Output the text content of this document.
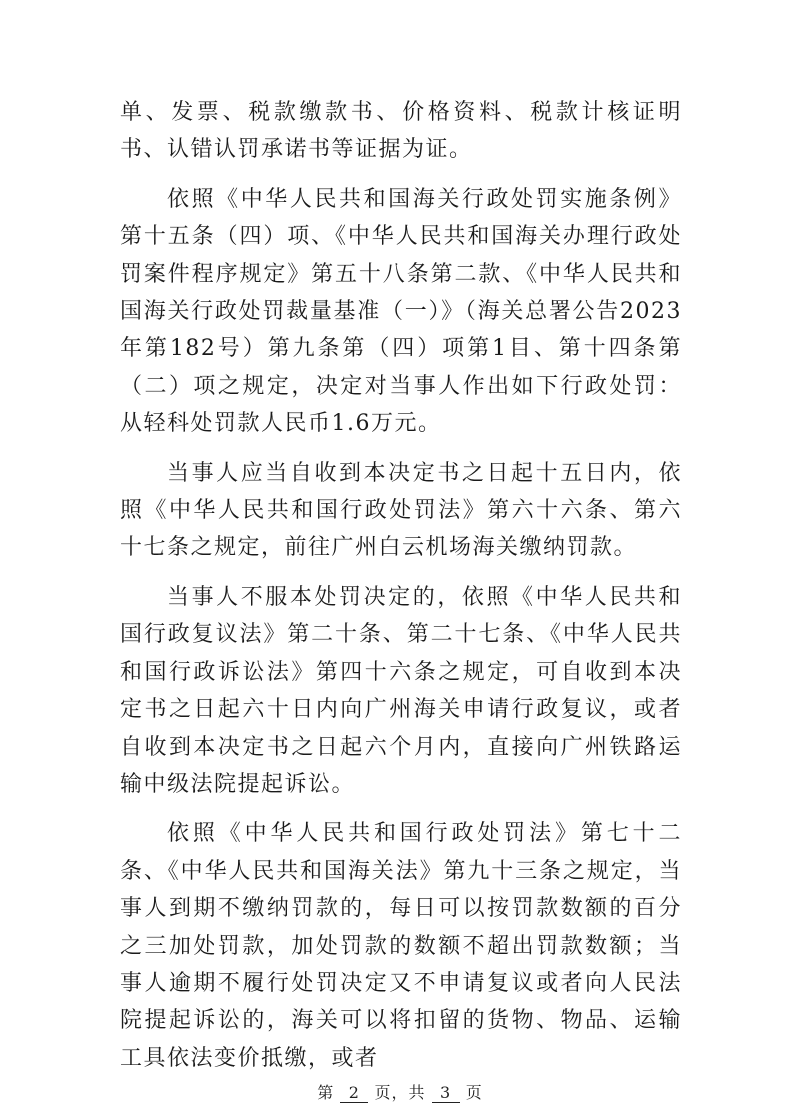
单、发票、税款缴款书、价格资料、税款计核证明书、认错认罚承诺书等证据为证。

依照《中华人民共和国海关行政处罚实施条例》第十五条（四）项、《中华人民共和国海关办理行政处罚案件程序规定》第五十八条第二款、《中华人民共和国海关行政处罚裁量基准（一）》（海关总署公告2023年第182号）第九条第（四）项第1目、第十四条第（二）项之规定，决定对当事人作出如下行政处罚：从轻科处罚款人民币1.6万元。

当事人应当自收到本决定书之日起十五日内，依照《中华人民共和国行政处罚法》第六十六条、第六十七条之规定，前往广州白云机场海关缴纳罚款。

当事人不服本处罚决定的，依照《中华人民共和国行政复议法》第二十条、第二十七条、《中华人民共和国行政诉讼法》第四十六条之规定，可自收到本决定书之日起六十日内向广州海关申请行政复议，或者自收到本决定书之日起六个月内，直接向广州铁路运输中级法院提起诉讼。

依照《中华人民共和国行政处罚法》第七十二条、《中华人民共和国海关法》第九十三条之规定，当事人到期不缴纳罚款的，每日可以按罚款数额的百分之三加处罚款，加处罚款的数额不超出罚款数额；当事人逾期不履行处罚决定又不申请复议或者向人民法院提起诉讼的，海关可以将扣留的货物、物品、运输工具依法变价抵缴，或者

第 2 页，共 3 页
